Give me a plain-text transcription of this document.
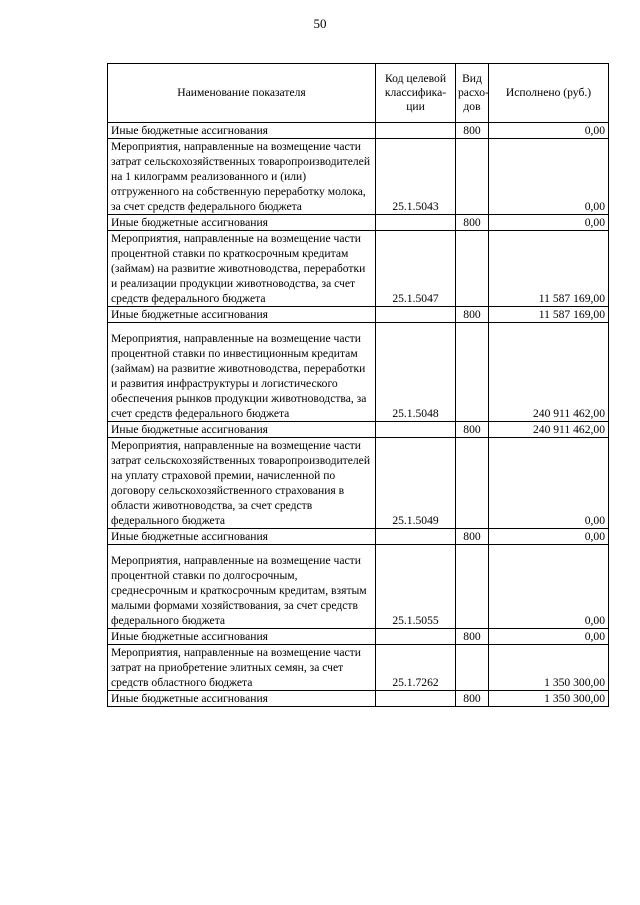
50
Наименование показателя	Код целевой классифика-ции	Вид расхо-дов	Исполнено (руб.)
Иные бюджетные ассигнования		800	0,00
Мероприятия, направленные на возмещение части затрат сельскохозяйственных товаропроизводителей на 1 килограмм реализованного и (или) отгруженного на собственную переработку молока, за счет средств федерального бюджета	25.1.5043		0,00
Иные бюджетные ассигнования		800	0,00
Мероприятия, направленные на возмещение части процентной ставки по краткосрочным кредитам (займам) на развитие животноводства, переработки и реализации продукции животноводства, за счет средств федерального бюджета	25.1.5047		11 587 169,00
Иные бюджетные ассигнования		800	11 587 169,00
Мероприятия, направленные на возмещение части процентной ставки по инвестиционным кредитам (займам) на развитие животноводства, переработки и развития инфраструктуры и логистического обеспечения рынков продукции животноводства, за счет средств федерального бюджета	25.1.5048		240 911 462,00
Иные бюджетные ассигнования		800	240 911 462,00
Мероприятия, направленные на возмещение части затрат сельскохозяйственных товаропроизводителей на уплату страховой премии, начисленной по договору сельскохозяйственного страхования в области животноводства, за счет средств федерального бюджета	25.1.5049		0,00
Иные бюджетные ассигнования		800	0,00
Мероприятия, направленные на возмещение части процентной ставки по долгосрочным, среднесрочным и краткосрочным кредитам, взятым малыми формами хозяйствования, за счет средств федерального бюджета	25.1.5055		0,00
Иные бюджетные ассигнования		800	0,00
Мероприятия, направленные на возмещение части затрат на приобретение элитных семян, за счет средств областного бюджета	25.1.7262		1 350 300,00
Иные бюджетные ассигнования		800	1 350 300,00
